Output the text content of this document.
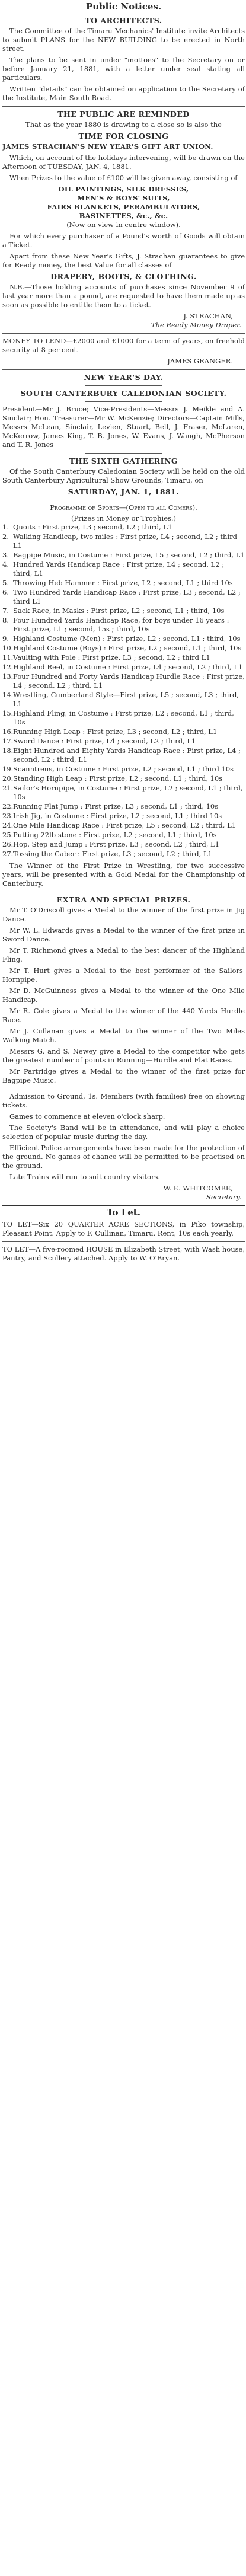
Public Notices.
TO ARCHITECTS.

The Committee of the Timaru Mechanics' Institute invite Architects to submit PLANS for the NEW BUILDING to be erected in North street.

The plans to be sent in under "mottoes" to the Secretary on or before January 21, 1881, with a letter under seal stating all particulars.

Written "details" can be obtained on application to the Secretary of the Institute, Main South Road.

THE PUBLIC ARE REMINDED

That as the year 1880 is drawing to a close so is also the

TIME FOR CLOSING

JAMES STRACHAN'S NEW YEAR'S GIFT ART UNION.

Which, on account of the holidays intervening, will be drawn on the Afternoon of TUESDAY, JAN. 4, 1881.

When Prizes to the value of £100 will be given away, consisting of

OIL PAINTINGS, SILK DRESSES,
MEN'S & BOYS' SUITS,
FAIRS BLANKETS, PERAMBULATORS,
BASINETTES, &c., &c.

(Now on view in centre window).

For which every purchaser of a Pound's worth of Goods will obtain a Ticket.

Apart from these New Year's Gifts, J. Strachan guarantees to give for Ready money, the best Value for all classes of

DRAPERY, BOOTS, & CLOTHING.

N.B.—Those holding accounts of purchases since November 9 of last year more than a pound, are requested to have them made up as soon as possible to entitle them to a ticket.

J. STRACHAN,
The Ready Money Draper.

MONEY TO LEND—£2000 and £1000 for a term of years, on freehold security at 8 per cent.

JAMES GRANGER.
NEW YEAR'S DAY.
SOUTH CANTERBURY CALEDONIAN SOCIETY.

President—Mr J. Bruce; Vice-Presidents—Messrs J. Meikle and A. Sinclair; Hon. Treasurer—Mr W. McKenzie; Directors—Captain Mills, Messrs McLean, Sinclair, Levien, Stuart, Bell, J. Fraser, McLaren, McKerrow, James King, T. B. Jones, W. Evans, J. Waugh, McPherson and T. R. Jones

THE SIXTH GATHERING

Of the South Canterbury Caledonian Society will be held on the old South Canterbury Agricultural Show Grounds, Timaru, on

SATURDAY, JAN. 1, 1881.
Programme of Sports—(Open to all Comers).
(Prizes in Money or Trophies.)
1. Quoits : First prize, L3 ; second, L2 ; third, L1
2. Walking Handicap, two miles : First prize, L4 ; second, L2 ; third L1
3. Bagpipe Music, in Costume : First prize, L5 ; second, L2 ; third, L1
4. Hundred Yards Handicap Race : First prize, L4 ; second, L2 ; third, L1
5. Throwing Heb Hammer : First prize, L2 ; second, L1 ; third 10s
6. Two Hundred Yards Handicap Race : First prize, L3 ; second, L2 ; third L1
7. Sack Race, in Masks : First prize, L2 ; second, L1 ; third, 10s
8. Four Hundred Yards Handicap Race, for boys under 16 years : First prize, L1 ; second, 15s ; third, 10s
9. Highland Costume (Men) : First prize, L2 ; second, L1 ; third, 10s
10.Highland Costume (Boys) : First prize, L2 ; second, L1 ; third, 10s
11.Vaulting with Pole : First prize, L3 ; second, L2 ; third L1
12.Highland Reel, in Costume : First prize, L4 ; second, L2 ; third, L1
13.Four Hundred and Forty Yards Handicap Hurdle Race : First prize, L4 ; second, L2 ; third, L1
14.Wrestling, Cumberland Style—First prize, L5 ; second, L3 ; third, L1
15.Highland Fling, in Costume : First prize, L2 ; second, L1 ; third, 10s
16.Running High Leap : First prize, L3 ; second, L2 ; third, L1
17.Sword Dance : First prize, L4 ; second, L2 ; third, L1
18.Eight Hundred and Eighty Yards Handicap Race : First prize, L4 ; second, L2 ; third, L1
19.Scanntreus, in Costume : First prize, L2 ; second, L1 ; third 10s
20.Standing High Leap : First prize, L2 ; second, L1 ; third, 10s
21.Sailor's Hornpipe, in Costume : First prize, L2 ; second, L1 ; third, 10s
22.Running Flat Jump : First prize, L3 ; second, L1 ; third, 10s
23.Irish Jig, in Costume : First prize, L2 ; second, L1 ; third 10s
24.One Mile Handicap Race : First prize, L5 ; second, L2 ; third, L1
25.Putting 22lb stone : First prize, L2 ; second, L1 ; third, 10s
26.Hop, Step and Jump : First prize, L3 ; second, L2 ; third, L1
27.Tossing the Caber : First prize, L3 ; second, L2 ; third, L1

The Winner of the First Prize in Wrestling, for two successive years, will be presented with a Gold Medal for the Championship of Canterbury.

EXTRA AND SPECIAL PRIZES.

Mr T. O'Driscoll gives a Medal to the winner of the first prize in Jig Dance.

Mr W. L. Edwards gives a Medal to the winner of the first prize in Sword Dance.

Mr T. Richmond gives a Medal to the best dancer of the Highland Fling.

Mr T. Hurt gives a Medal to the best performer of the Sailors' Hornpipe.

Mr D. McGuinness gives a Medal to the winner of the One Mile Handicap.

Mr R. Cole gives a Medal to the winner of the 440 Yards Hurdle Race.

Mr J. Cullanan gives a Medal to the winner of the Two Miles Walking Match.

Messrs G. and S. Newey give a Medal to the competitor who gets the greatest number of points in Running—Hurdle and Flat Races.

Mr Partridge gives a Medal to the winner of the first prize for Bagpipe Music.

Admission to Ground, 1s. Members (with families) free on showing tickets.

Games to commence at eleven o'clock sharp.

The Society's Band will be in attendance, and will play a choice selection of popular music during the day.

Efficient Police arrangements have been made for the protection of the ground. No games of chance will be permitted to be practised on the ground.

Late Trains will run to suit country visitors.

W. E. WHITCOMBE,
Secretary.
To Let.

TO LET—Six 20 QUARTER ACRE SECTIONS, in Piko township, Pleasant Point. Apply to F. Cullinan, Timaru. Rent, 10s each yearly.

TO LET—A five-roomed HOUSE in Elizabeth Street, with Wash house, Pantry, and Scullery attached. Apply to W. O'Bryan.
